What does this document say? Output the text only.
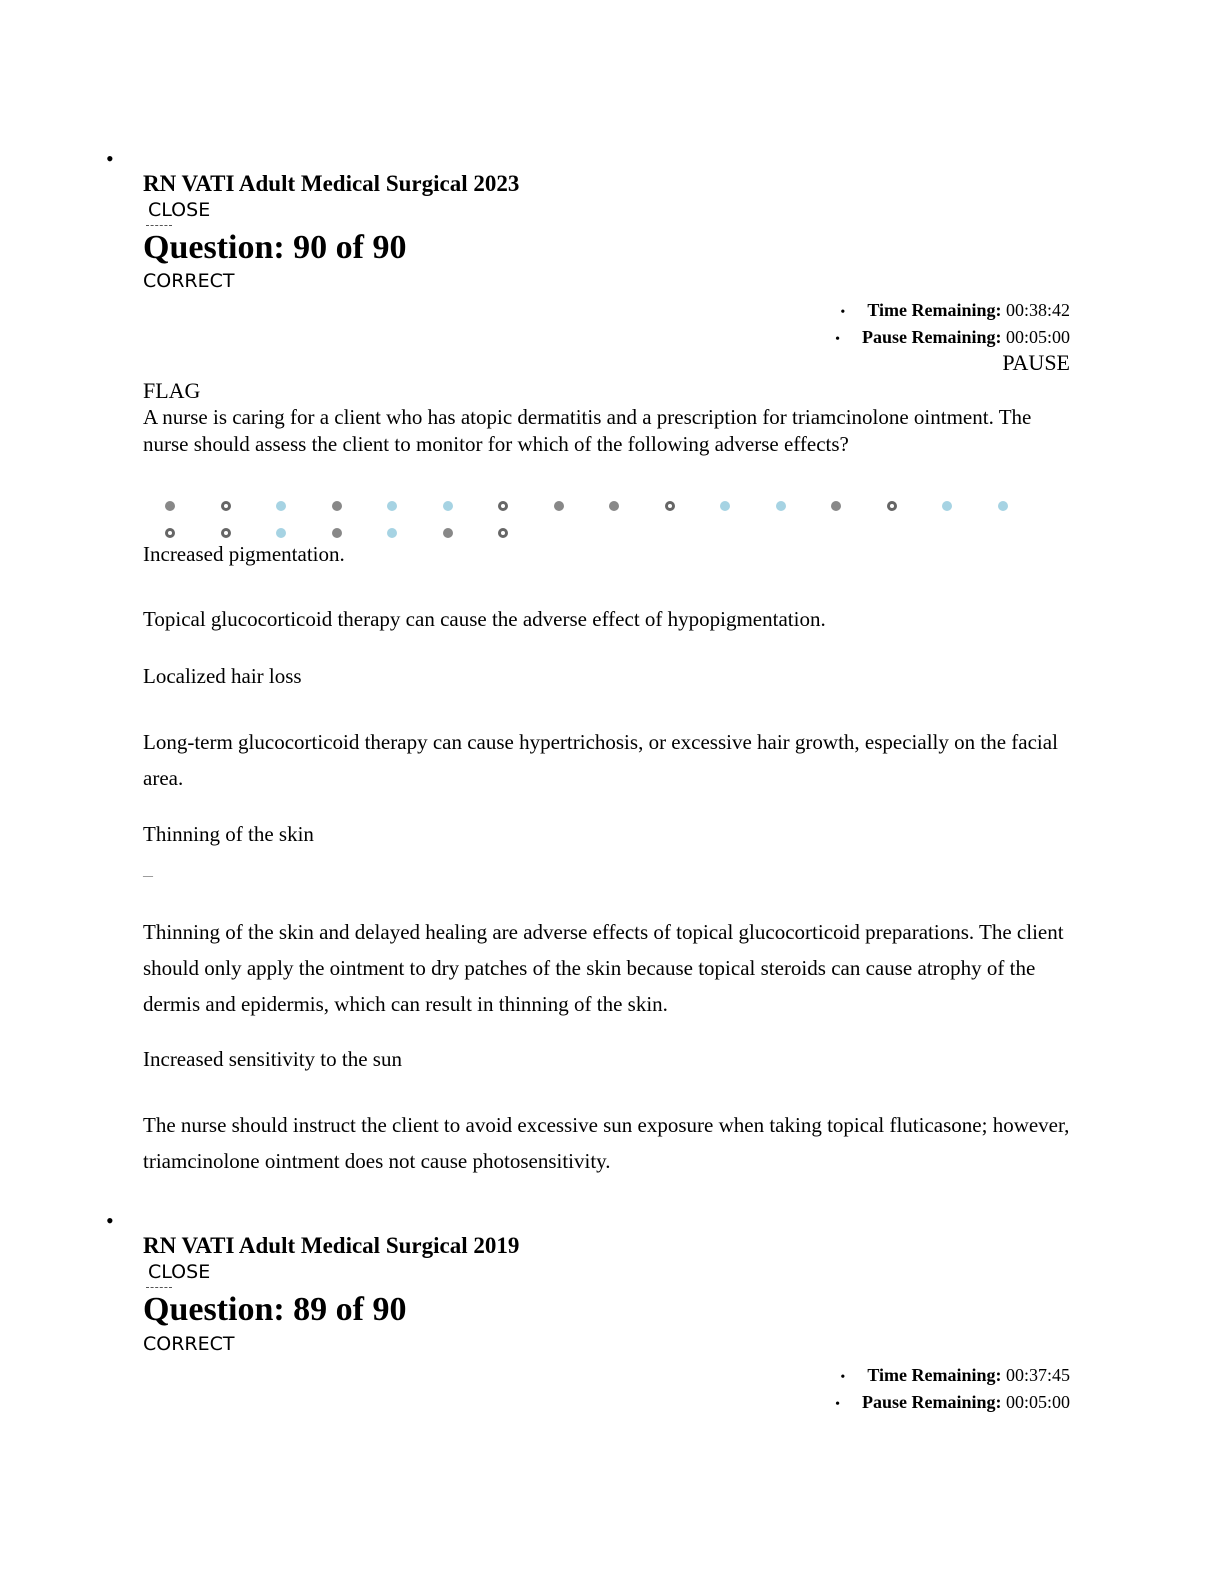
•
RN VATI Adult Medical Surgical 2023
CLOSE
Question: 90 of 90
CORRECT
• Time Remaining: 00:38:42
• Pause Remaining: 00:05:00
PAUSE
FLAG
A nurse is caring for a client who has atopic dermatitis and a prescription for triamcinolone ointment. The nurse should assess the client to monitor for which of the following adverse effects?
Increased pigmentation.
Topical glucocorticoid therapy can cause the adverse effect of hypopigmentation.
Localized hair loss
Long-term glucocorticoid therapy can cause hypertrichosis, or excessive hair growth, especially on the facial area.
Thinning of the skin
—
Thinning of the skin and delayed healing are adverse effects of topical glucocorticoid preparations. The client should only apply the ointment to dry patches of the skin because topical steroids can cause atrophy of the dermis and epidermis, which can result in thinning of the skin.
Increased sensitivity to the sun
The nurse should instruct the client to avoid excessive sun exposure when taking topical fluticasone; however, triamcinolone ointment does not cause photosensitivity.
•
RN VATI Adult Medical Surgical 2019
CLOSE
Question: 89 of 90
CORRECT
• Time Remaining: 00:37:45
• Pause Remaining: 00:05:00
